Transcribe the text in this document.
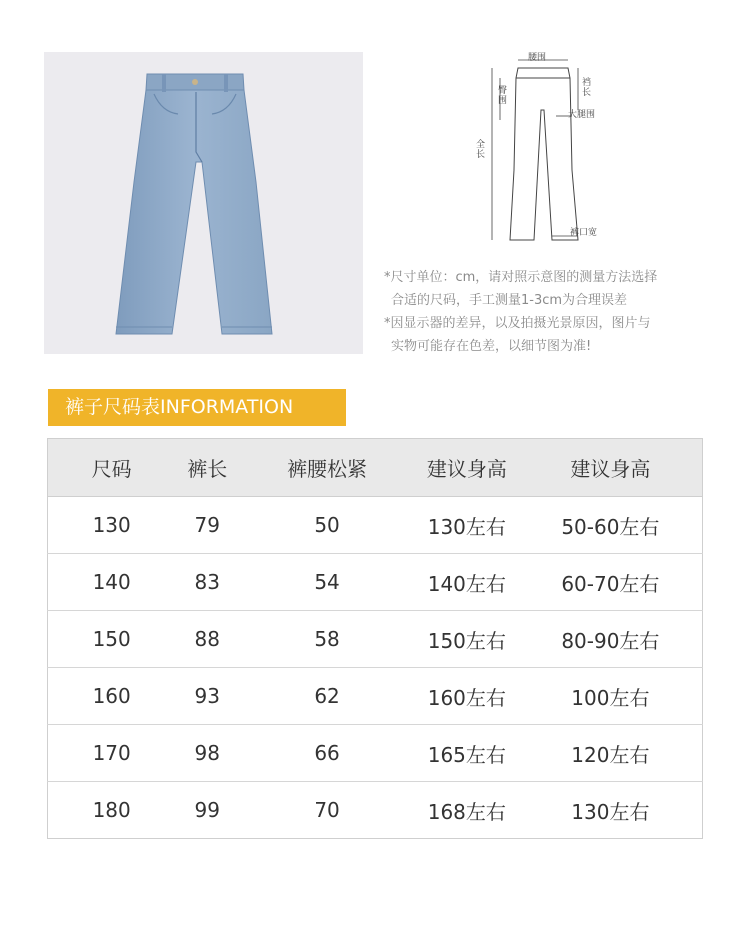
腰围
臀围
裆长
大腿围
全长
裤口宽
*尺寸单位：cm，请对照示意图的测量方法选择
合适的尺码，手工测量1-3cm为合理误差
*因显示器的差异，以及拍摄光景原因，图片与
实物可能存在色差，以细节图为准!
裤子尺码表INFORMATION
尺码	裤长	裤腰松紧	建议身高	建议身高
130	79	50	130左右	50-60左右
140	83	54	140左右	60-70左右
150	88	58	150左右	80-90左右
160	93	62	160左右	100左右
170	98	66	165左右	120左右
180	99	70	168左右	130左右
